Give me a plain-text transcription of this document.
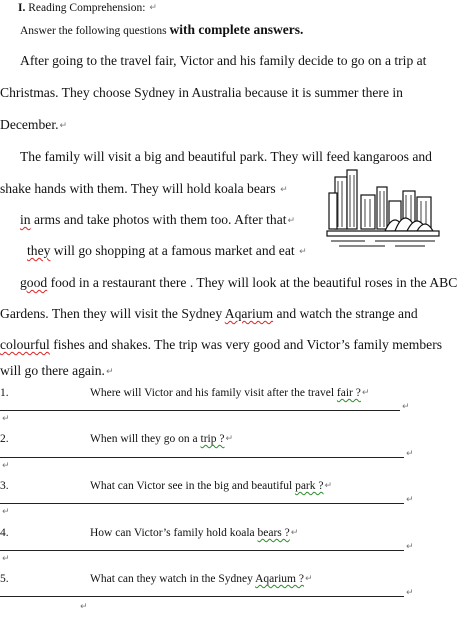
I. Reading Comprehension: ↵
Answer the following questions with complete answers.
After going to the travel fair, Victor and his family decide to go on a trip at
Christmas. They choose Sydney in Australia because it is summer there in
December.↵
The family will visit a big and beautiful park. They will feed kangaroos and
shake hands with them. They will hold koala bears ↵
in arms and take photos with them too. After that↵
they will go shopping at a famous market and eat ↵
good food in a restaurant there . They will look at the beautiful roses in the ABC
Gardens. Then they will visit the Sydney Aqarium and watch the strange and
colourful fishes and shakes. The trip was very good and Victor’s family members
will go there again.↵
1.	Where will Victor and his family visit after the travel fair ?↵
↵
↵
2.	When will they go on a trip ?↵
↵
↵
3.	What can Victor see in the big and beautiful park ?↵
↵
↵
4.	How can Victor’s family hold koala bears ?↵
↵
↵
5.	What can they watch in the Sydney Aqarium ?↵
↵
↵
